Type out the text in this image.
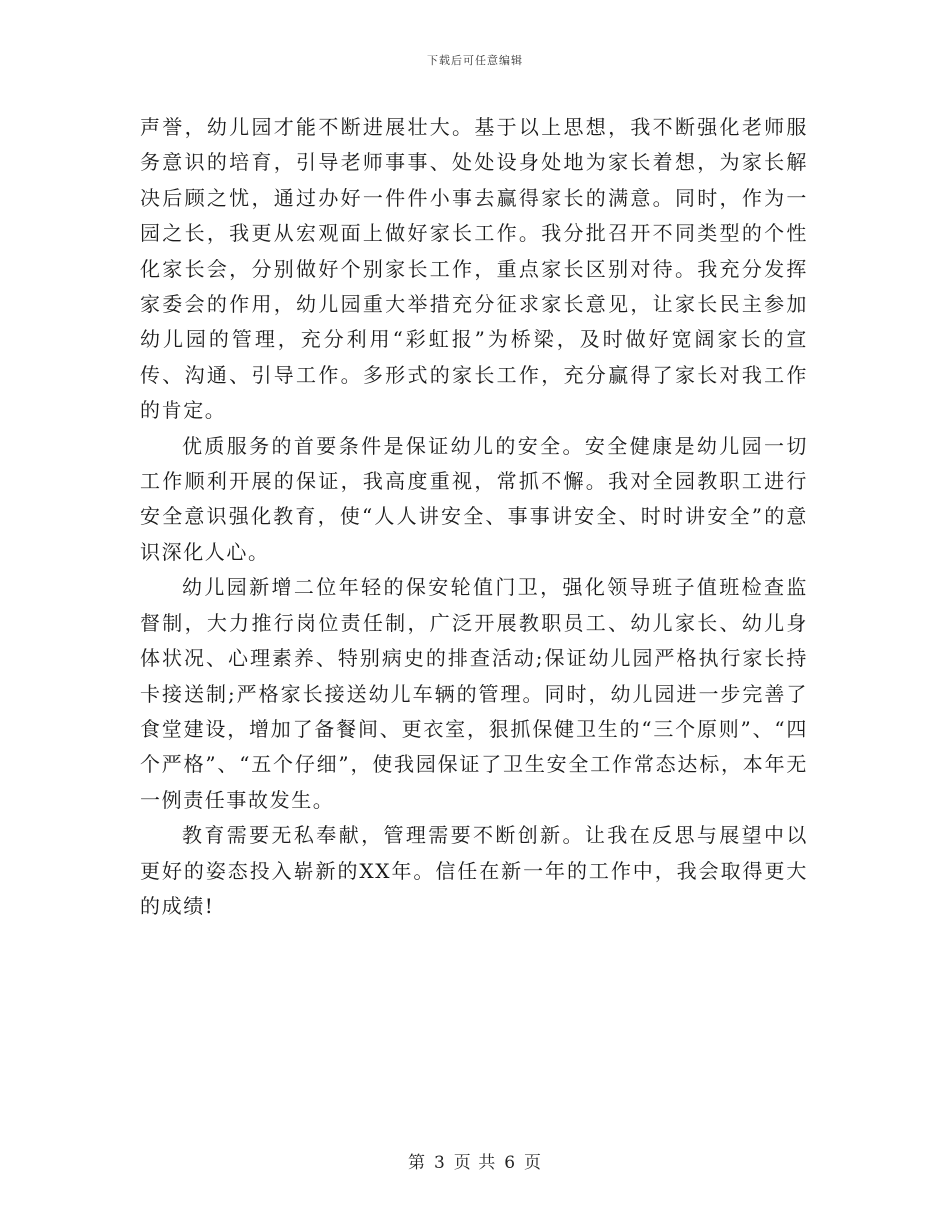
下载后可任意编辑

声誉，幼儿园才能不断进展壮大。基于以上思想，我不断强化老师服务意识的培育，引导老师事事、处处设身处地为家长着想，为家长解决后顾之忧，通过办好一件件小事去赢得家长的满意。同时，作为一园之长，我更从宏观面上做好家长工作。我分批召开不同类型的个性化家长会，分别做好个别家长工作，重点家长区别对待。我充分发挥家委会的作用，幼儿园重大举措充分征求家长意见，让家长民主参加幼儿园的管理，充分利用“彩虹报”为桥梁，及时做好宽阔家长的宣传、沟通、引导工作。多形式的家长工作，充分赢得了家长对我工作的肯定。

优质服务的首要条件是保证幼儿的安全。安全健康是幼儿园一切工作顺利开展的保证，我高度重视，常抓不懈。我对全园教职工进行安全意识强化教育，使“人人讲安全、事事讲安全、时时讲安全”的意识深化人心。

幼儿园新增二位年轻的保安轮值门卫，强化领导班子值班检查监督制，大力推行岗位责任制，广泛开展教职员工、幼儿家长、幼儿身体状况、心理素养、特别病史的排查活动;保证幼儿园严格执行家长持卡接送制;严格家长接送幼儿车辆的管理。同时，幼儿园进一步完善了食堂建设，增加了备餐间、更衣室，狠抓保健卫生的“三个原则”、“四个严格”、“五个仔细”，使我园保证了卫生安全工作常态达标，本年无一例责任事故发生。

教育需要无私奉献，管理需要不断创新。让我在反思与展望中以更好的姿态投入崭新的XX年。信任在新一年的工作中，我会取得更大的成绩!

第 3 页 共 6 页
